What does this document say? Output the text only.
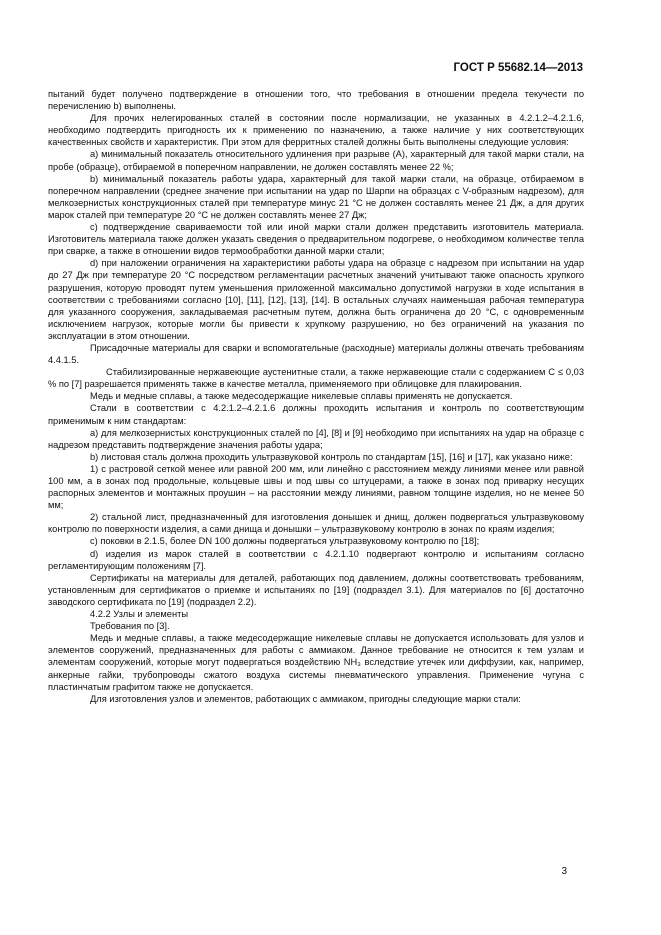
ГОСТ Р 55682.14—2013

пытаний будет получено подтверждение в отношении того, что требования в отношении предела текучести по перечислению b) выполнены.

Для прочих нелегированных сталей в состоянии после нормализации, не указанных в 4.2.1.2–4.2.1.6, необходимо подтвердить пригодность их к применению по назначению, а также наличие у них соответствующих качественных свойств и характеристик. При этом для ферритных сталей должны быть выполнены следующие условия:

a) минимальный показатель относительного удлинения при разрыве (A), характерный для такой марки стали, на пробе (образце), отбираемой в поперечном направлении, не должен составлять менее 22 %;

b) минимальный показатель работы удара, характерный для такой марки стали, на образце, отбираемом в поперечном направлении (среднее значение при испытании на удар по Шарпи на образцах с V-образным надрезом), для мелкозернистых конструкционных сталей при температуре минус 21 °С не должен составлять менее 21 Дж, а для других марок сталей при температуре 20 °С не должен составлять менее 27 Дж;

c) подтверждение свариваемости той или иной марки стали должен представить изготовитель материала. Изготовитель материала также должен указать сведения о предварительном подогреве, о необходимом количестве тепла при сварке, а также в отношении видов термообработки данной марки стали;

d) при наложении ограничения на характеристики работы удара на образце с надрезом при испытании на удар до 27 Дж при температуре 20 °С посредством регламентации расчетных значений учитывают также опасность хрупкого разрушения, которую проводят путем уменьшения приложенной максимально допустимой нагрузки в ходе испытания в соответствии с требованиями согласно [10], [11], [12], [13], [14]. В остальных случаях наименьшая рабочая температура для указанного сооружения, закладываемая расчетным путем, должна быть ограничена до 20 °С, с одновременным исключением нагрузок, которые могли бы привести к хрупкому разрушению, но без ограничений на указания по эксплуатации в этом отношении.

Присадочные материалы для сварки и вспомогательные (расходные) материалы должны отвечать требованиям 4.4.1.5.

Стабилизированные нержавеющие аустенитные стали, а также нержавеющие стали с содержанием С ≤ 0,03 % по [7] разрешается применять также в качестве металла, применяемого при облицовке для плакирования.

Медь и медные сплавы, а также медесодержащие никелевые сплавы применять не допускается.

Стали в соответствии с 4.2.1.2–4.2.1.6 должны проходить испытания и контроль по соответствующим применимым к ним стандартам:

a) для мелкозернистых конструкционных сталей по [4], [8] и [9] необходимо при испытаниях на удар на образце с надрезом представить подтверждение значения работы удара;

b) листовая сталь должна проходить ультразвуковой контроль по стандартам [15], [16] и [17], как указано ниже:

1) с растровой сеткой менее или равной 200 мм, или линейно с расстоянием между линиями менее или равной 100 мм, а в зонах под продольные, кольцевые швы и под швы со штуцерами, а также в зонах под приварку несущих распорных элементов и монтажных проушин – на расстоянии между линиями, равном толщине изделия, но не менее 50 мм;

2) стальной лист, предназначенный для изготовления донышек и днищ, должен подвергаться ультразвуковому контролю по поверхности изделия, а сами днища и донышки – ультразвуковому контролю в зонах по краям изделия;

c) поковки в 2.1.5, более DN 100 должны подвергаться ультразвуковому контролю по [18];

d) изделия из марок сталей в соответствии с 4.2.1.10 подвергают контролю и испытаниям согласно регламентирующим положениям [7].

Сертификаты на материалы для деталей, работающих под давлением, должны соответствовать требованиям, установленным для сертификатов о приемке и испытаниях по [19] (подраздел 3.1). Для материалов по [6] достаточно заводского сертификата по [19] (подраздел 2.2).

4.2.2 Узлы и элементы

Требования по [3].

Медь и медные сплавы, а также медесодержащие никелевые сплавы не допускается использовать для узлов и элементов сооружений, предназначенных для работы с аммиаком. Данное требование не относится к тем узлам и элементам сооружений, которые могут подвергаться воздействию NH₃ вследствие утечек или диффузии, как, например, анкерные гайки, трубопроводы сжатого воздуха системы пневматического управления. Применение чугуна с пластинчатым графитом также не допускается.

Для изготовления узлов и элементов, работающих с аммиаком, пригодны следующие марки стали:

3
